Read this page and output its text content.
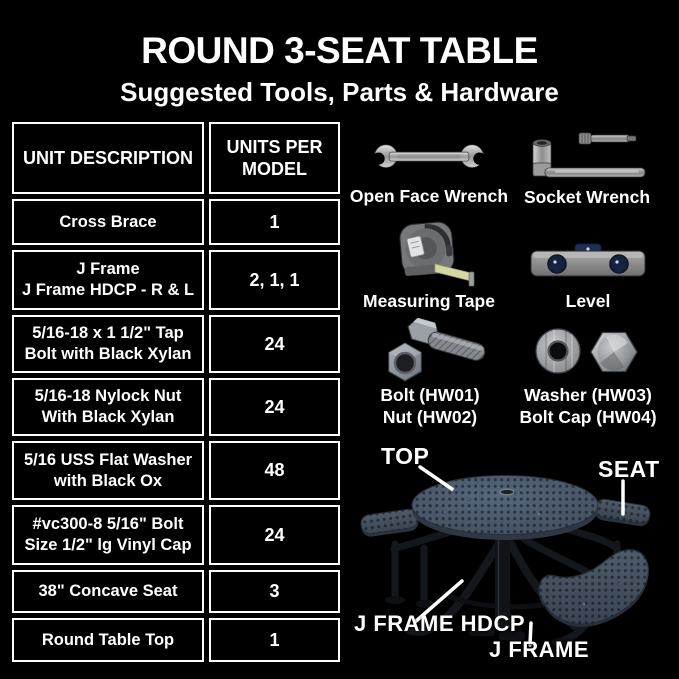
ROUND 3-SEAT TABLE
Suggested Tools, Parts & Hardware
UNIT DESCRIPTION	UNITS PER
MODEL
Cross Brace	1
J Frame
J Frame HDCP - R & L	2, 1, 1
5/16-18 x 1 1/2" Tap
Bolt with Black Xylan	24
5/16-18 Nylock Nut
With Black Xylan	24
5/16 USS Flat Washer
with Black Ox	48
#vc300-8 5/16" Bolt
Size 1/2" lg Vinyl Cap	24
38" Concave Seat	3
Round Table Top	1
Open Face Wrench Socket Wrench
Measuring Tape	Level
Bolt (HW01)
Nut (HW02)
Washer (HW03)
Bolt Cap (HW04)
TOP	SEAT
J FRAME HDCP
J FRAME
